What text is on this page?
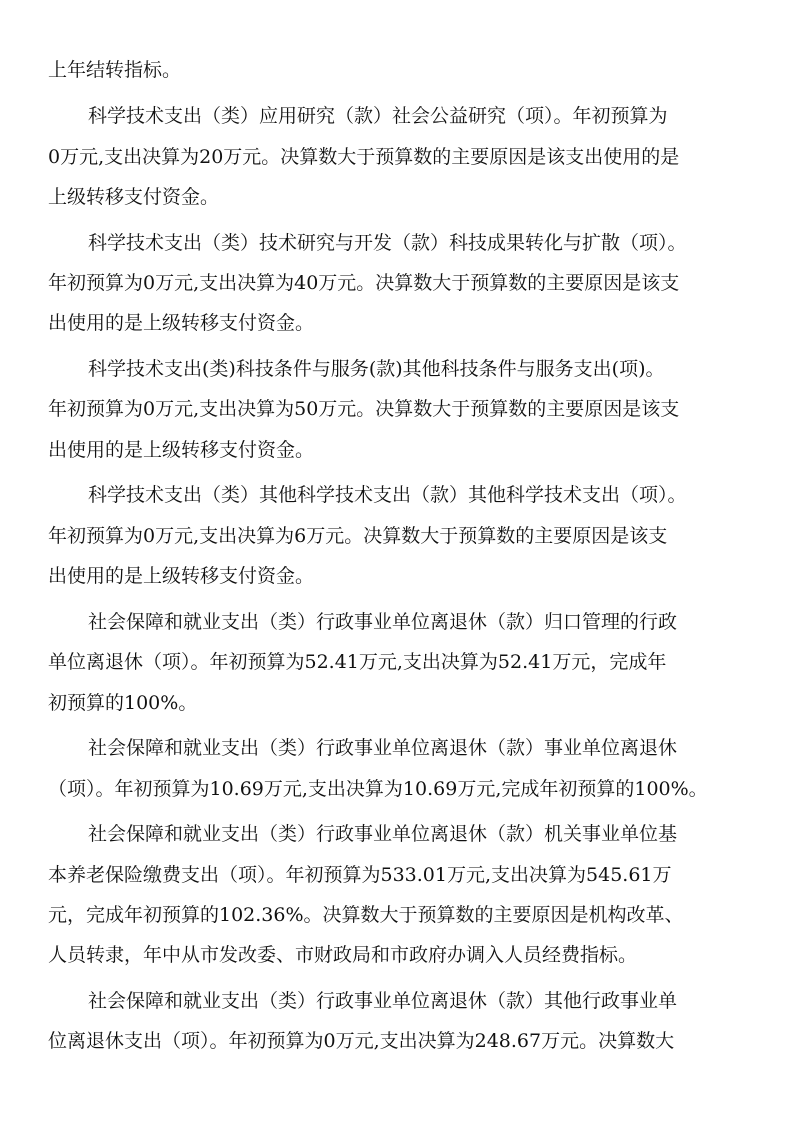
上年结转指标。
科学技术支出（类）应用研究（款）社会公益研究（项）。年初预算为
0万元,支出决算为20万元。决算数大于预算数的主要原因是该支出使用的是
上级转移支付资金。
科学技术支出（类）技术研究与开发（款）科技成果转化与扩散（项）。
年初预算为0万元,支出决算为40万元。决算数大于预算数的主要原因是该支
出使用的是上级转移支付资金。
科学技术支出(类)科技条件与服务(款)其他科技条件与服务支出(项)。
年初预算为0万元,支出决算为50万元。决算数大于预算数的主要原因是该支
出使用的是上级转移支付资金。
科学技术支出（类）其他科学技术支出（款）其他科学技术支出（项）。
年初预算为0万元,支出决算为6万元。决算数大于预算数的主要原因是该支
出使用的是上级转移支付资金。
社会保障和就业支出（类）行政事业单位离退休（款）归口管理的行政
单位离退休（项）。年初预算为52.41万元,支出决算为52.41万元，完成年
初预算的100%。
社会保障和就业支出（类）行政事业单位离退休（款）事业单位离退休
（项）。年初预算为10.69万元,支出决算为10.69万元,完成年初预算的100%。
社会保障和就业支出（类）行政事业单位离退休（款）机关事业单位基
本养老保险缴费支出（项）。年初预算为533.01万元,支出决算为545.61万
元，完成年初预算的102.36%。决算数大于预算数的主要原因是机构改革、
人员转隶，年中从市发改委、市财政局和市政府办调入人员经费指标。
社会保障和就业支出（类）行政事业单位离退休（款）其他行政事业单
位离退休支出（项）。年初预算为0万元,支出决算为248.67万元。决算数大
